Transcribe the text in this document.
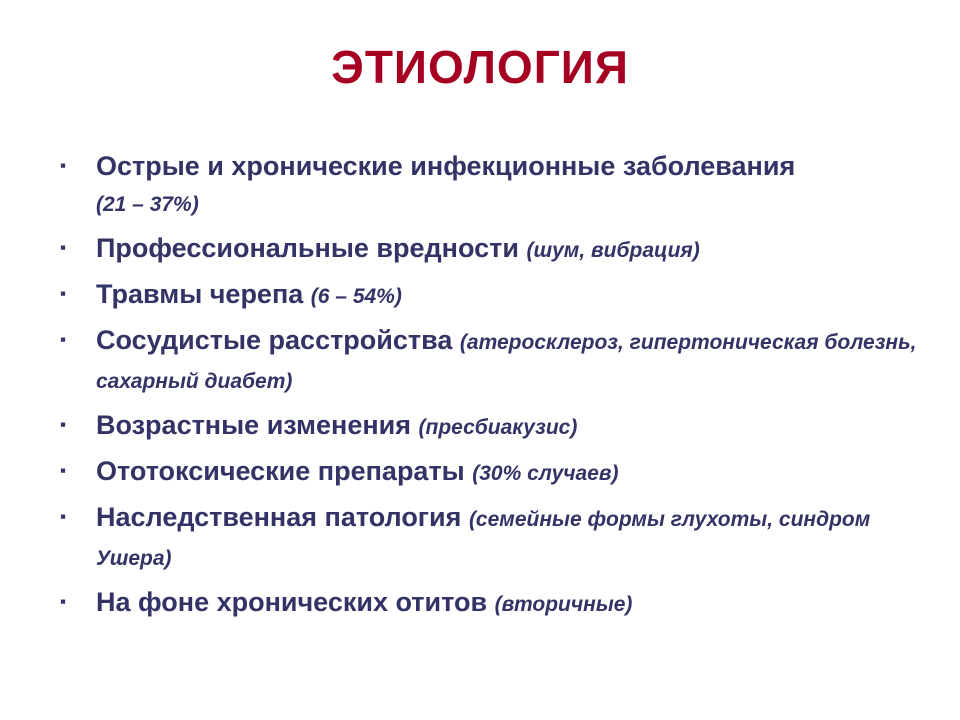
ЭТИОЛОГИЯ
▪ Острые и хронические инфекционные заболевания
(21 – 37%)
▪ Профессиональные вредности (шум, вибрация)
▪ Травмы черепа (6 – 54%)
▪ Сосудистые расстройства (атеросклероз, гипертоническая болезнь, сахарный диабет)
▪ Возрастные изменения (пресбиакузис)
▪ Ототоксические препараты (30% случаев)
▪ Наследственная патология (семейные формы глухоты, синдром Ушера)
▪ На фоне хронических отитов (вторичные)
